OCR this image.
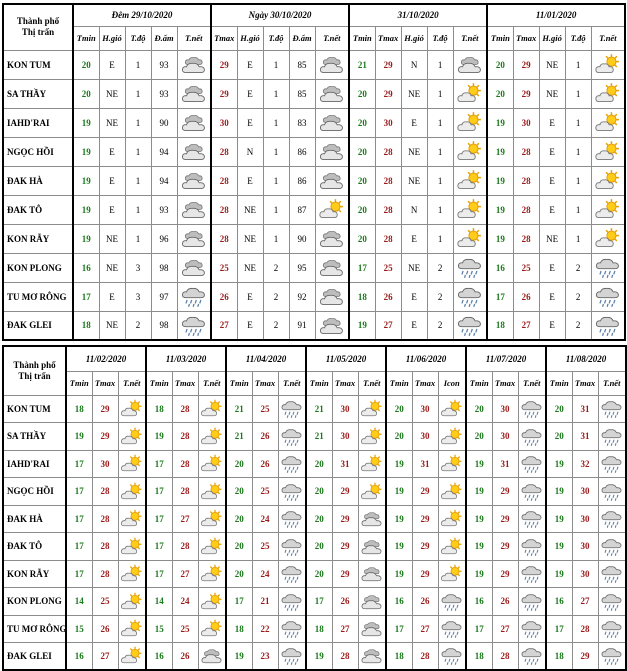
Thành phố
Thị trấn	Đêm 29/10/2020					Ngày 30/10/2020					31/10/2020					11/01/2020				
	Tmin	H.gió	T.độ	Đ.ẩm	T.nết	Tmax	H.gió	T.độ	Đ.ẩm	T.nết	Tmin	Tmax	H.gió	T.độ	T.nết	Tmin	Tmax	H.gió	T.độ	T.nết
KON TUM	20	E	1	93		29	E	1	85		21	29	N	1		20	29	NE	1	

SA THẦY	20	NE	1	93		29	E	1	85		20	29	NE	1		20	29	NE	1	

IAHD'RAI	19	NE	1	90		30	E	1	83		20	30	E	1		19	30	E	1	

NGỌC HỒI	19	E	1	94		28	N	1	86		20	28	NE	1		19	28	E	1	

ĐAK HÀ	19	E	1	94		28	E	1	86		20	28	NE	1		19	28	E	1	

ĐAK TÔ	19	E	1	93		28	NE	1	87		20	28	N	1		19	28	E	1	

KON RẪY	19	NE	1	96		28	NE	1	90		20	28	E	1		19	28	NE	1	

KON PLONG	16	NE	3	98		25	NE	2	95		17	25	NE	2		16	25	E	2	

TU MƠ RÔNG	17	E	3	97		26	E	2	92		18	26	E	2		17	26	E	2	

ĐAK GLEI	18	NE	2	98		27	E	2	91		19	27	E	2		18	27	E	2	
Thành phố
Thị trấn	11/02/2020			11/03/2020			11/04/2020			11/05/2020			11/06/2020			11/07/2020			11/08/2020		
	Tmin	Tmax	T.nết	Tmin	Tmax	T.nết	Tmin	Tmax	T.nết	Tmin	Tmax	T.nết	Tmin	Tmax	Icon	Tmin	Tmax	T.nết	Tmin	Tmax	T.nết
KON TUM	18	29		18	28		21	25		21	30		20	30		20	30		20	31	

SA THẦY	19	29		19	28		21	26		21	30		20	30		20	30		20	31	

IAHD'RAI	17	30		17	28		20	26		20	31		19	31		19	31		19	32	

NGỌC HỒI	17	28		17	28		20	25		20	29		19	29		19	29		19	30	

ĐAK HÀ	17	28		17	27		20	24		20	29		19	29		19	29		19	30	

ĐAK TÔ	17	28		17	28		20	25		20	29		19	29		19	29		19	30	

KON RẪY	17	28		17	27		20	24		20	29		19	29		19	29		19	30	

KON PLONG	14	25		14	24		17	21		17	26		16	26		16	26		16	27	

TU MƠ RÔNG	15	26		15	25		18	22		18	27		17	27		17	27		17	28	

ĐAK GLEI	16	27		16	26		19	23		19	28		18	28		18	28		18	29	
